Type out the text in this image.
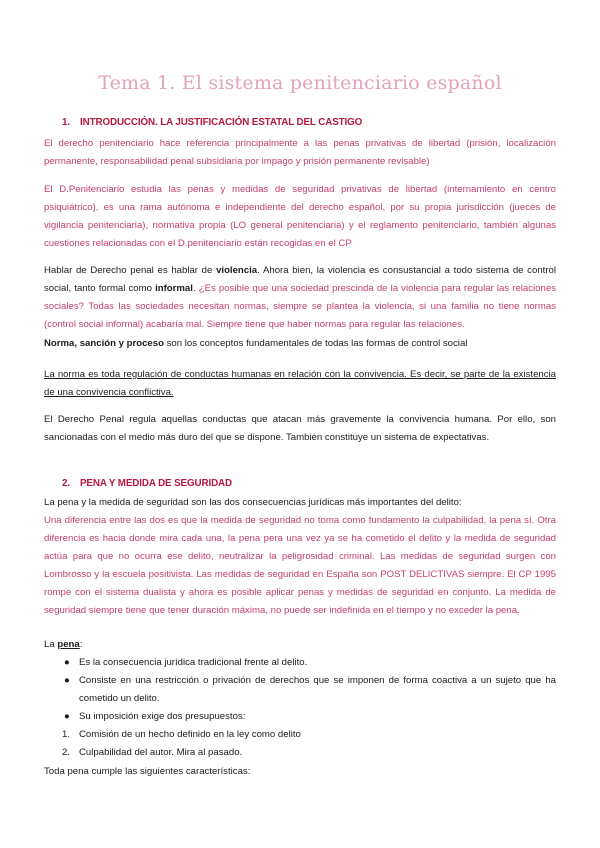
Tema 1. El sistema penitenciario español
1. INTRODUCCIÓN. LA JUSTIFICACIÓN ESTATAL DEL CASTIGO

El derecho penitenciario hace referencia principalmente a las penas privativas de libertad (prisión, localización permanente, responsabilidad penal subsidiaria por impago y prisión permanente revisable)

El D.Penitenciario estudia las penas y medidas de seguridad privativas de libertad (internamiento en centro psiquiátrico), es una rama autónoma e independiente del derecho español, por su propia jurisdicción (jueces de vigilancia penitenciaria), normativa propia (LO general penitenciaria) y el reglamento penitenciario, también algunas cuestiones relacionadas con el D.penitenciario están recogidas en el CP

Hablar de Derecho penal es hablar de violencia. Ahora bien, la violencia es consustancial a todo sistema de control social, tanto formal como informal. ¿Es posible que una sociedad prescinda de la violencia para regular las relaciones sociales? Todas las sociedades necesitan normas, siempre se plantea la violencia, si una familia no tiene normas (control social informal) acabaría mal. Siempre tiene que haber normas para regular las relaciones.

Norma, sanción y proceso son los conceptos fundamentales de todas las formas de control social

La norma es toda regulación de conductas humanas en relación con la convivencia. Es decir, se parte de la existencia de una convivencia conflictiva.

El Derecho Penal regula aquellas conductas que atacan más gravemente la convivencia humana. Por ello, son sancionadas con el medio más duro del que se dispone. También constituye un sistema de expectativas.

2. PENA Y MEDIDA DE SEGURIDAD

La pena y la medida de seguridad son las dos consecuencias jurídicas más importantes del delito:

Una diferencia entre las dos es que la medida de seguridad no toma como fundamento la culpabilidad, la pena sí. Otra diferencia es hacia donde mira cada una, la pena pera una vez ya se ha cometido el delito y la medida de seguridad actúa para que no ocurra ese delito, neutralizar la peligrosidad criminal. Las medidas de seguridad surgen con Lombrosso y la escuela positivista. Las medidas de seguridad en España son POST DELICTIVAS siempre. El CP 1995 rompe con el sistema dualista y ahora es posible aplicar penas y medidas de seguridad en conjunto. La medida de seguridad siempre tiene que tener duración máxima, no puede ser indefinida en el tiempo y no exceder la pena.

La pena:

● Es la consecuencia jurídica tradicional frente al delito.
● Consiste en una restricción o privación de derechos que se imponen de forma coactiva a un sujeto que ha cometido un delito.
● Su imposición exige dos presupuestos:
1. Comisión de un hecho definido en la ley como delito
2. Culpabilidad del autor. Mira al pasado.

Toda pena cumple las siguientes características:
